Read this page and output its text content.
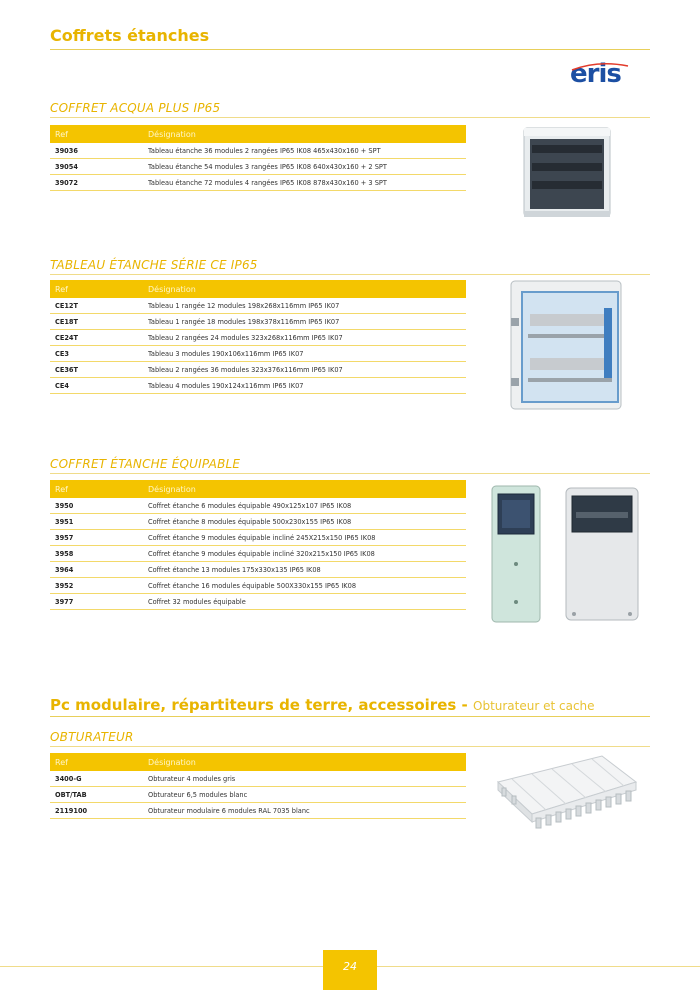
Coffrets étanches
eris
COFFRET ACQUA PLUS IP65
Ref	Désignation
39036	Tableau étanche 36 modules 2 rangées IP65 IK08 465x430x160 + SPT
39054	Tableau étanche 54 modules 3 rangées IP65 IK08 640x430x160 + 2 SPT
39072	Tableau étanche 72 modules 4 rangées IP65 IK08 878x430x160 + 3 SPT
TABLEAU ÉTANCHE SÉRIE CE IP65
Ref	Désignation
CE12T	Tableau 1 rangée 12 modules 198x268x116mm IP65 IK07
CE18T	Tableau 1 rangée 18 modules 198x378x116mm IP65 IK07
CE24T	Tableau 2 rangées 24 modules 323x268x116mm IP65 IK07
CE3	Tableau 3 modules 190x106x116mm IP65 IK07
CE36T	Tableau 2 rangées 36 modules 323x376x116mm IP65 IK07
CE4	Tableau 4 modules 190x124x116mm IP65 IK07
COFFRET ÉTANCHE ÉQUIPABLE
Ref	Désignation
3950	Coffret étanche 6 modules équipable 490x125x107 IP65 IK08
3951	Coffret étanche 8 modules équipable 500x230x155 IP65 IK08
3957	Coffret étanche 9 modules équipable incliné 245X215x150 IP65 IK08
3958	Coffret étanche 9 modules équipable incliné 320x215x150 IP65 IK08
3964	Coffret étanche 13 modules 175x330x135 IP65 IK08
3952	Coffret étanche 16 modules équipable 500X330x155 IP65 IK08
3977	Coffret 32 modules équipable
Pc modulaire, répartiteurs de terre, accessoires - Obturateur et cache
OBTURATEUR
Ref	Désignation
3400-G	Obturateur 4 modules gris
OBT/TAB	Obturateur 6,5 modules blanc
2119100	Obturateur modulaire 6 modules RAL 7035 blanc
24
